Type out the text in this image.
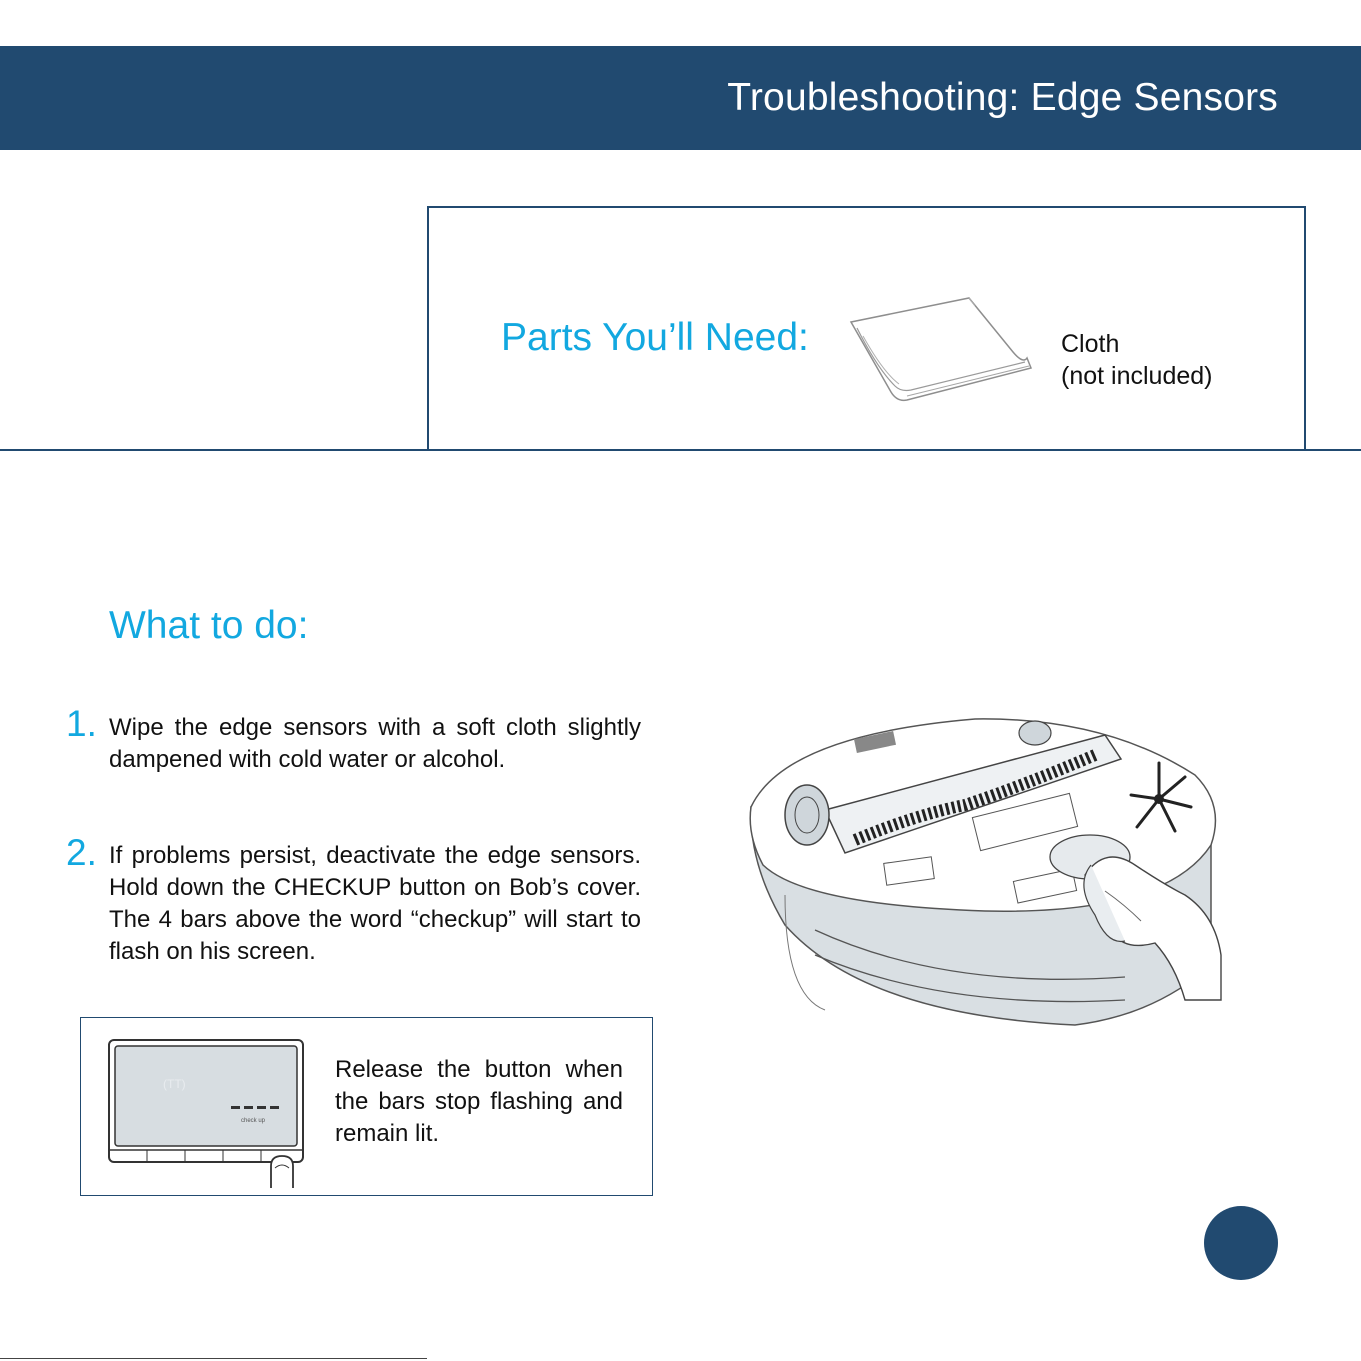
Troubleshooting: Edge Sensors
Parts You’ll Need:	Cloth
(not included)
What to do:
1. Wipe the edge sensors with a soft cloth slightly dampened with cold water or alcohol.
2. If problems persist, deactivate the edge sensors. Hold down the CHECKUP button on Bob’s cover. The 4 bars above the word “checkup” will start to flash on his screen.
(TT)
check up
Release the button when the bars stop flashing and remain lit.
